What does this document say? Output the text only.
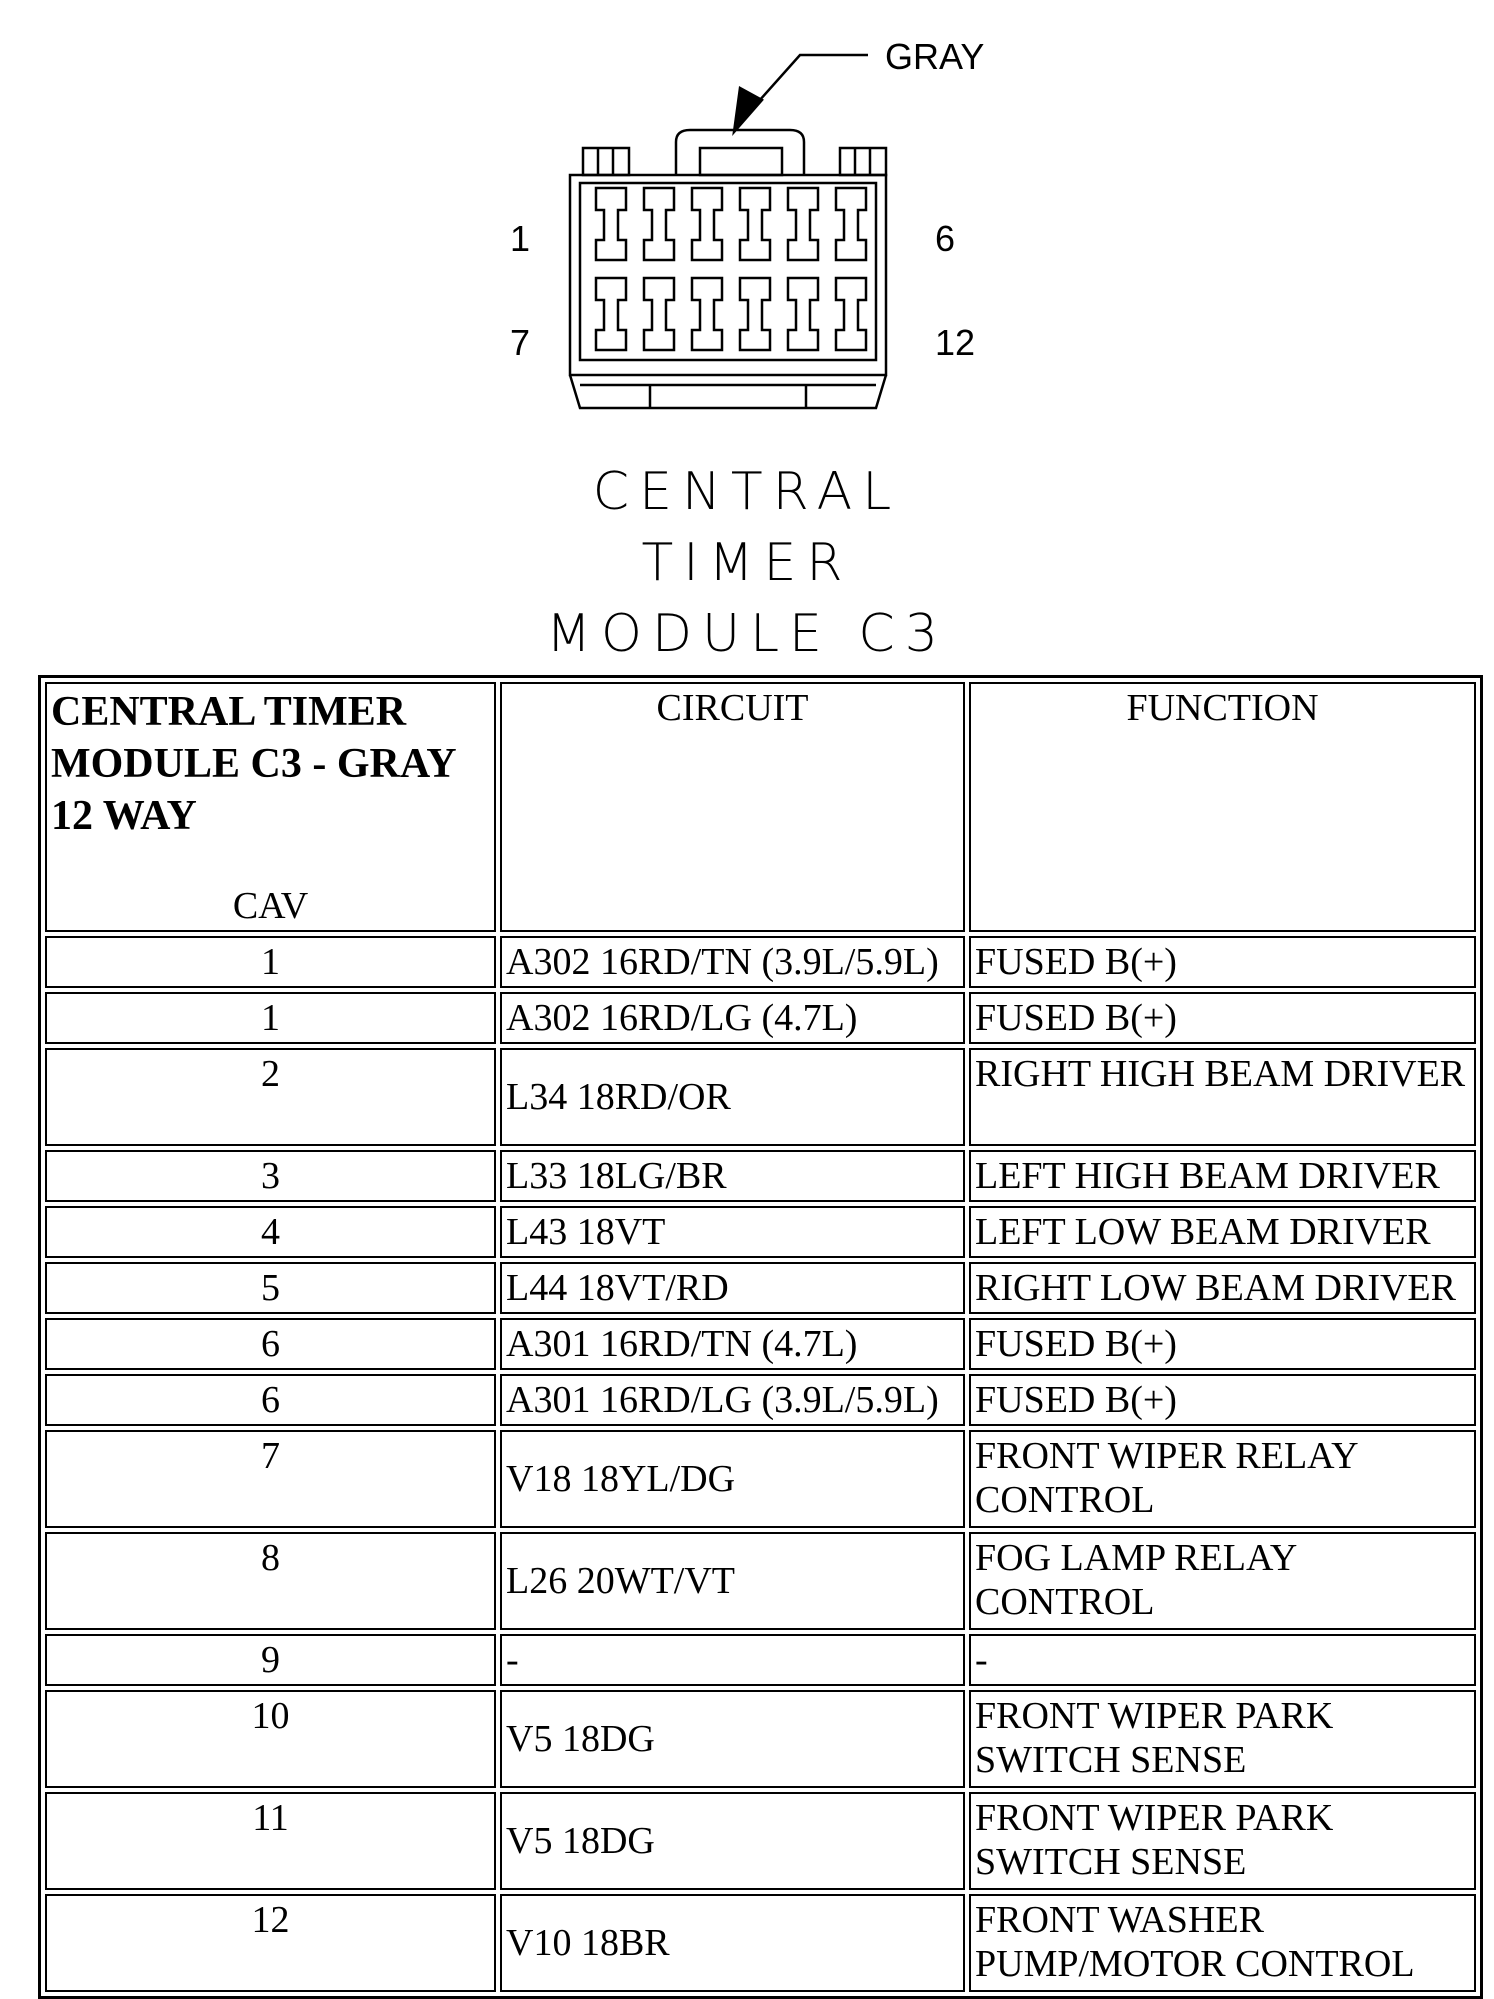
GRAY
1	6
7	12
CENTRAL
TIMER
MODULE C3
CENTRAL TIMER MODULE C3 - GRAY 12 WAY
CAV	CIRCUIT	FUNCTION
1	A302 16RD/TN (3.9L/5.9L)	FUSED B(+)
1	A302 16RD/LG (4.7L)	FUSED B(+)
2	L34 18RD/OR	RIGHT HIGH BEAM DRIVER
3	L33 18LG/BR	LEFT HIGH BEAM DRIVER
4	L43 18VT	LEFT LOW BEAM DRIVER
5	L44 18VT/RD	RIGHT LOW BEAM DRIVER
6	A301 16RD/TN (4.7L)	FUSED B(+)
6	A301 16RD/LG (3.9L/5.9L)	FUSED B(+)
7	V18 18YL/DG	FRONT WIPER RELAY CONTROL
8	L26 20WT/VT	FOG LAMP RELAY CONTROL
9	-	-
10	V5 18DG	FRONT WIPER PARK SWITCH SENSE
11	V5 18DG	FRONT WIPER PARK SWITCH SENSE
12	V10 18BR	FRONT WASHER PUMP/MOTOR CONTROL
